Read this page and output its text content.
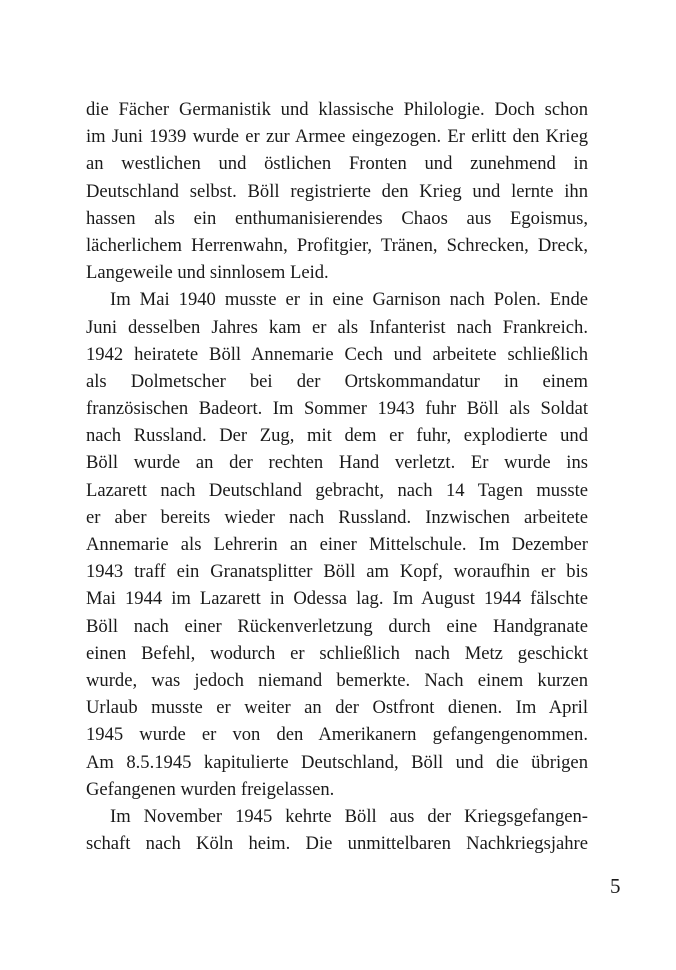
die Fächer Germanistik und klassische Philologie. Doch schon
im Juni 1939 wurde er zur Armee eingezogen. Er erlitt den Krieg
an westlichen und östlichen Fronten und zunehmend in
Deutschland selbst. Böll registrierte den Krieg und lernte ihn
hassen als ein enthumanisierendes Chaos aus Egoismus,
lächerlichem Herrenwahn, Profitgier, Tränen, Schrecken, Dreck,
Langeweile und sinnlosem Leid.
Im Mai 1940 musste er in eine Garnison nach Polen. Ende
Juni desselben Jahres kam er als Infanterist nach Frankreich.
1942 heiratete Böll Annemarie Cech und arbeitete schließlich
als Dolmetscher bei der Ortskommandatur in einem
französischen Badeort. Im Sommer 1943 fuhr Böll als Soldat
nach Russland. Der Zug, mit dem er fuhr, explodierte und
Böll wurde an der rechten Hand verletzt. Er wurde ins
Lazarett nach Deutschland gebracht, nach 14 Tagen musste
er aber bereits wieder nach Russland. Inzwischen arbeitete
Annemarie als Lehrerin an einer Mittelschule. Im Dezember
1943 traff ein Granatsplitter Böll am Kopf, woraufhin er bis
Mai 1944 im Lazarett in Odessa lag. Im August 1944 fälschte
Böll nach einer Rückenverletzung durch eine Handgranate
einen Befehl, wodurch er schließlich nach Metz geschickt
wurde, was jedoch niemand bemerkte. Nach einem kurzen
Urlaub musste er weiter an der Ostfront dienen. Im April
1945 wurde er von den Amerikanern gefangengenommen.
Am 8.5.1945 kapitulierte Deutschland, Böll und die übrigen
Gefangenen wurden freigelassen.
Im November 1945 kehrte Böll aus der Kriegsgefangen-
schaft nach Köln heim. Die unmittelbaren Nachkriegsjahre
5
